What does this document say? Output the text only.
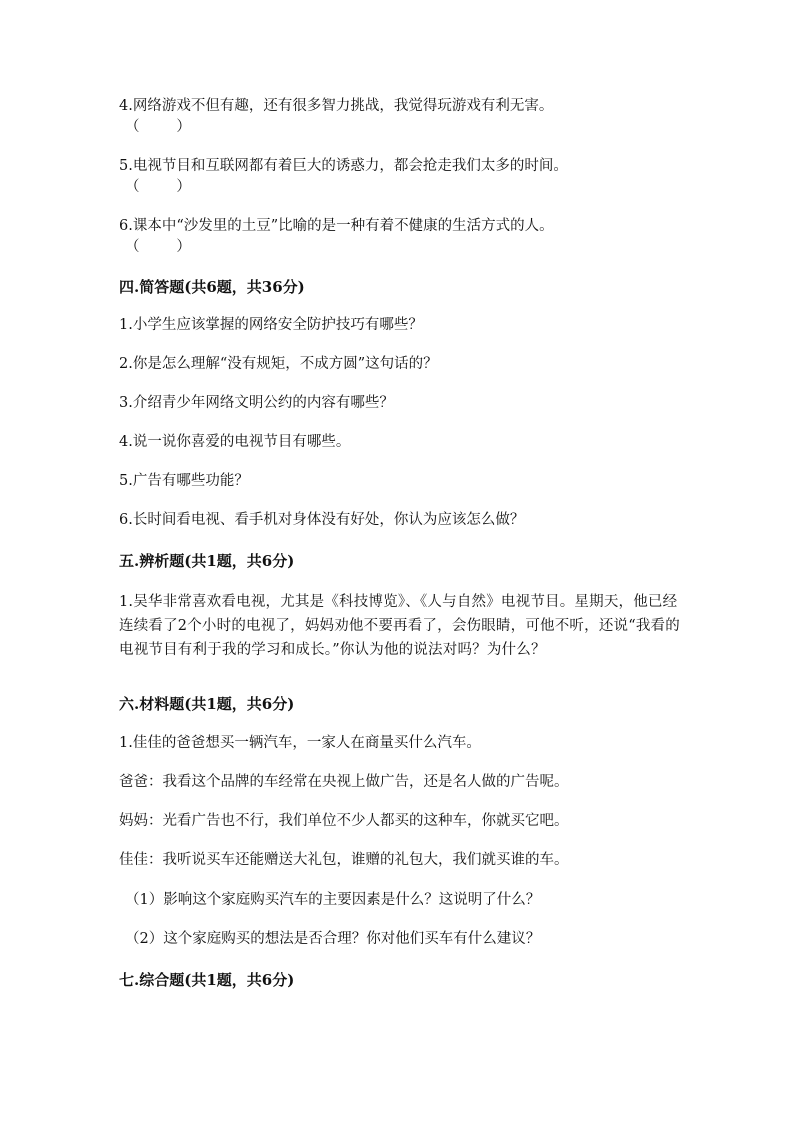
4.网络游戏不但有趣，还有很多智力挑战，我觉得玩游戏有利无害。

（        ）

5.电视节目和互联网都有着巨大的诱惑力，都会抢走我们太多的时间。

（        ）

6.课本中“沙发里的土豆”比喻的是一种有着不健康的生活方式的人。

（        ）

四.简答题(共6题，共36分)

1.小学生应该掌握的网络安全防护技巧有哪些？

2.你是怎么理解“没有规矩，不成方圆”这句话的？

3.介绍青少年网络文明公约的内容有哪些？

4.说一说你喜爱的电视节目有哪些。

5.广告有哪些功能？

6.长时间看电视、看手机对身体没有好处，你认为应该怎么做？

五.辨析题(共1题，共6分)

1.吴华非常喜欢看电视，尤其是《科技博览》、《人与自然》电视节目。星期天，他已经连续看了2个小时的电视了，妈妈劝他不要再看了，会伤眼睛，可他不听，还说“我看的电视节目有利于我的学习和成长。”你认为他的说法对吗？为什么？

六.材料题(共1题，共6分)

1.佳佳的爸爸想买一辆汽车，一家人在商量买什么汽车。

爸爸：我看这个品牌的车经常在央视上做广告，还是名人做的广告呢。

妈妈：光看广告也不行，我们单位不少人都买的这种车，你就买它吧。

佳佳：我听说买车还能赠送大礼包，谁赠的礼包大，我们就买谁的车。

（1）影响这个家庭购买汽车的主要因素是什么？这说明了什么？

（2）这个家庭购买的想法是否合理？你对他们买车有什么建议？

七.综合题(共1题，共6分)
